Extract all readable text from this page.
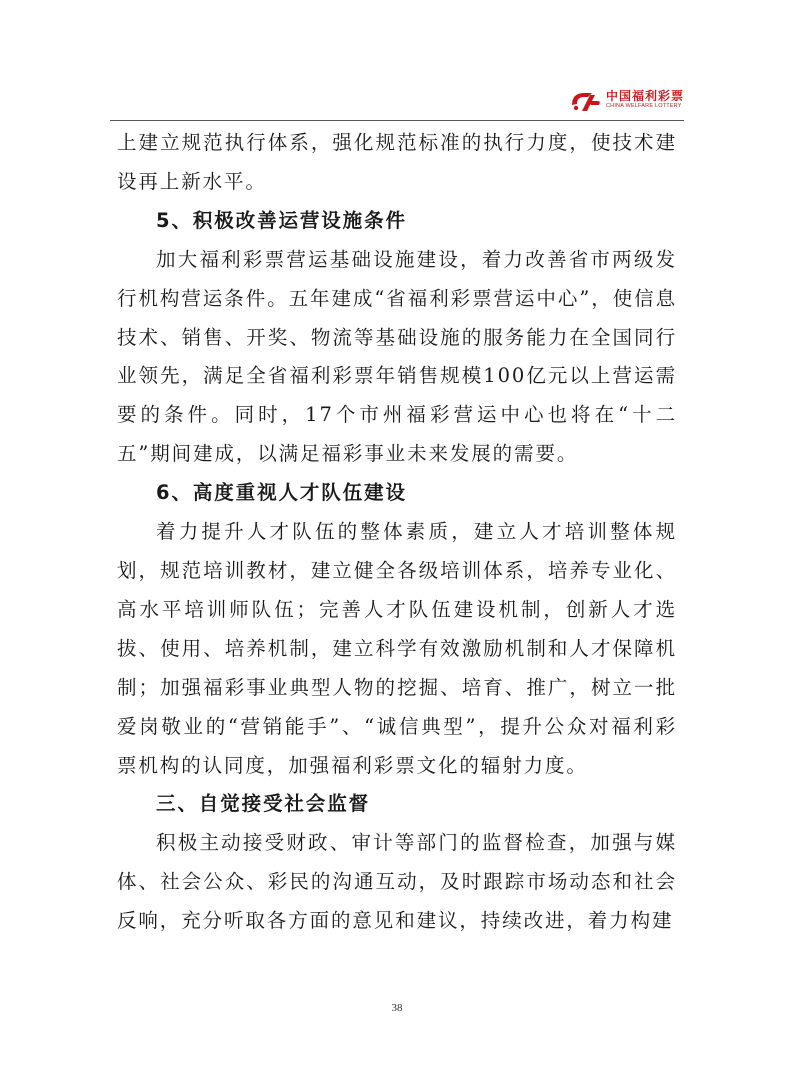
中国福利彩票
CHINA WELFARE LOTTERY

上建立规范执行体系，强化规范标准的执行力度，使技术建设再上新水平。

5、积极改善运营设施条件

加大福利彩票营运基础设施建设，着力改善省市两级发行机构营运条件。五年建成“省福利彩票营运中心”，使信息技术、销售、开奖、物流等基础设施的服务能力在全国同行业领先，满足全省福利彩票年销售规模100亿元以上营运需要的条件。同时，17个市州福彩营运中心也将在“十二五”期间建成，以满足福彩事业未来发展的需要。

6、高度重视人才队伍建设

着力提升人才队伍的整体素质，建立人才培训整体规划，规范培训教材，建立健全各级培训体系，培养专业化、高水平培训师队伍；完善人才队伍建设机制，创新人才选拔、使用、培养机制，建立科学有效激励机制和人才保障机制；加强福彩事业典型人物的挖掘、培育、推广，树立一批爱岗敬业的“营销能手”、“诚信典型”，提升公众对福利彩票机构的认同度，加强福利彩票文化的辐射力度。

三、自觉接受社会监督

积极主动接受财政、审计等部门的监督检查，加强与媒体、社会公众、彩民的沟通互动，及时跟踪市场动态和社会反响，充分听取各方面的意见和建议，持续改进，着力构建

38
